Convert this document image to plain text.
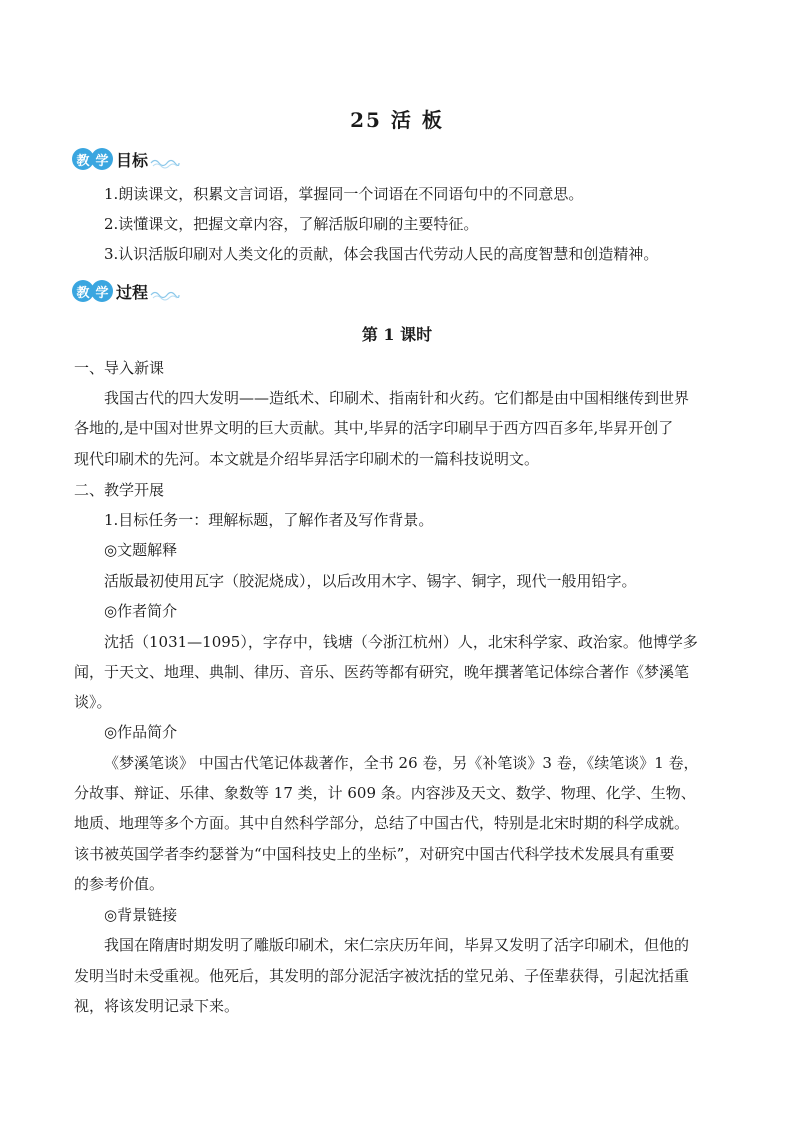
25 活 板
教 学 目标
1.朗读课文，积累文言词语，掌握同一个词语在不同语句中的不同意思。
2.读懂课文，把握文章内容，了解活版印刷的主要特征。
3.认识活版印刷对人类文化的贡献，体会我国古代劳动人民的高度智慧和创造精神。
教 学 过程
第 1 课时
一、导入新课
我国古代的四大发明——造纸术、印刷术、指南针和火药。它们都是由中国相继传到世界
各地的,是中国对世界文明的巨大贡献。其中,毕昇的活字印刷早于西方四百多年,毕昇开创了
现代印刷术的先河。本文就是介绍毕昇活字印刷术的一篇科技说明文。
二、教学开展
1.目标任务一：理解标题，了解作者及写作背景。
◎文题解释
活版最初使用瓦字（胶泥烧成），以后改用木字、锡字、铜字，现代一般用铅字。
◎作者简介
沈括（1031—1095），字存中，钱塘（今浙江杭州）人，北宋科学家、政治家。他博学多
闻，于天文、地理、典制、律历、音乐、医药等都有研究，晚年撰著笔记体综合著作《梦溪笔
谈》。
◎作品简介
《梦溪笔谈》 中国古代笔记体裁著作，全书 26 卷，另《补笔谈》3 卷，《续笔谈》1 卷，
分故事、辩证、乐律、象数等 17 类，计 609 条。内容涉及天文、数学、物理、化学、生物、
地质、地理等多个方面。其中自然科学部分，总结了中国古代，特别是北宋时期的科学成就。
该书被英国学者李约瑟誉为“中国科技史上的坐标”，对研究中国古代科学技术发展具有重要
的参考价值。
◎背景链接
我国在隋唐时期发明了雕版印刷术，宋仁宗庆历年间，毕昇又发明了活字印刷术，但他的
发明当时未受重视。他死后，其发明的部分泥活字被沈括的堂兄弟、子侄辈获得，引起沈括重
视，将该发明记录下来。
